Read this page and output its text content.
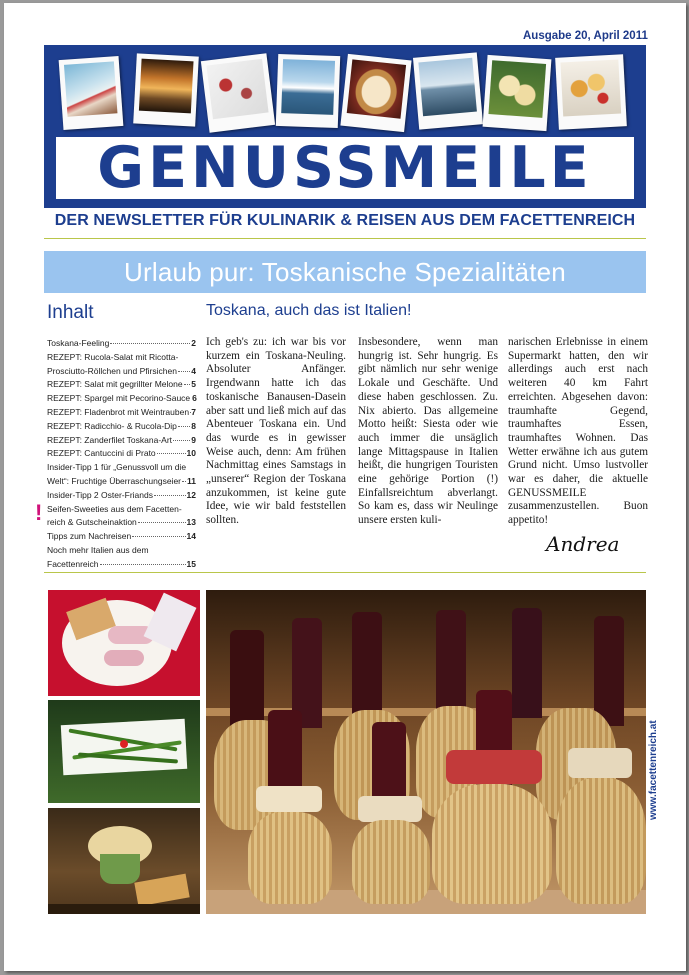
Ausgabe 20, April 2011
GENUSSMEILE
DER NEWSLETTER FÜR KULINARIK & REISEN AUS DEM FACETTENREICH
Urlaub pur: Toskanische Spezialitäten
Inhalt
Toskana-Feeling	2
REZEPT: Rucola-Salat mit Ricotta-
Prosciutto-Röllchen und Pfirsichen 4
REZEPT: Salat mit gegrillter Melone 5
REZEPT: Spargel mit Pecorino-Sauce 6
REZEPT: Fladenbrot mit Weintrauben 7
REZEPT: Radicchio- & Rucola-Dip 8
REZEPT: Zanderfilet Toskana-Art 9
REZEPT: Cantuccini di Prato	10
Insider-Tipp 1 für „Genussvoll um die
Welt“: Fruchtige Überraschungseier 11
Insider-Tipp 2 Oster-Friands	12
Seifen-Sweeties aus dem Facetten-
reich & Gutscheinaktion	13
Tipps zum Nachreisen	14
Noch mehr Italien aus dem
Facettenreich	15
!
Toskana, auch das ist Italien!
Ich geb's zu: ich war bis vor kurzem ein Toskana-Neuling. Absoluter Anfänger. Irgendwann hatte ich das toskanische Banausen-Dasein aber satt und ließ mich auf das Abenteuer Toskana ein. Und das wurde es in gewisser Weise auch, denn: Am frühen Nachmittag eines Samstags in „unserer“ Region der Toskana anzukommen, ist keine gute Idee, wie wir bald feststellen sollten.
Insbesondere, wenn man hungrig ist. Sehr hungrig. Es gibt nämlich nur sehr wenige Lokale und Geschäfte. Und diese haben geschlossen. Zu. Nix abierto. Das allgemeine Motto heißt: Siesta oder wie auch immer die unsäglich lange Mittagspause in Italien heißt, die hungrigen Touristen eine gehörige Portion (!) Einfallsreichtum abverlangt. So kam es, dass wir Neulinge unsere ersten kuli-
narischen Erlebnisse in einem Supermarkt hatten, den wir allerdings auch erst nach weiteren 40 km Fahrt erreichten. Abgesehen davon: traumhafte Gegend, traumhaftes Essen, traumhaftes Wohnen. Das Wetter erwähne ich aus gutem Grund nicht. Umso lustvoller war es daher, die aktuelle GENUSSMEILE zusammenzustellen. Buon appetito!
Andrea
www.facettenreich.at
